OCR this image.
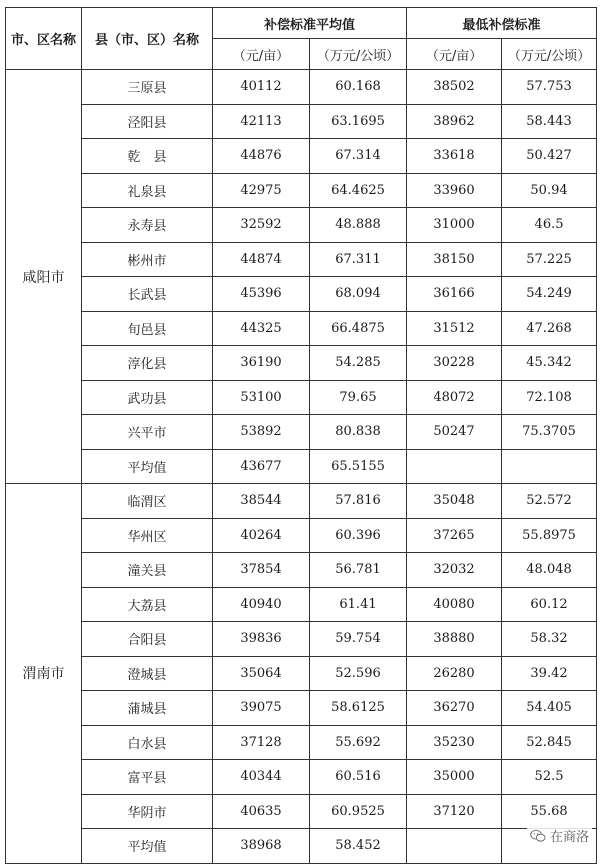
市、区名称	县（市、区）名称	补偿标准平均值		最低补偿标准	
		（元/亩）	（万元/公顷）	（元/亩）	（万元/公顷）
咸阳市	三原县	40112	60.168	38502	57.753
	泾阳县	42113	63.1695	38962	58.443
	乾　县	44876	67.314	33618	50.427
	礼泉县	42975	64.4625	33960	50.94
	永寿县	32592	48.888	31000	46.5
	彬州市	44874	67.311	38150	57.225
	长武县	45396	68.094	36166	54.249
	旬邑县	44325	66.4875	31512	47.268
	淳化县	36190	54.285	30228	45.342
	武功县	53100	79.65	48072	72.108
	兴平市	53892	80.838	50247	75.3705
	平均值	43677	65.5155		
渭南市	临渭区	38544	57.816	35048	52.572
	华州区	40264	60.396	37265	55.8975
	潼关县	37854	56.781	32032	48.048
	大荔县	40940	61.41	40080	60.12
	合阳县	39836	59.754	38880	58.32
	澄城县	35064	52.596	26280	39.42
	蒲城县	39075	58.6125	36270	54.405
	白水县	37128	55.692	35230	52.845
	富平县	40344	60.516	35000	52.5
	华阴市	40635	60.9525	37120	55.68
	平均值	38968	58.452		
在商洛
